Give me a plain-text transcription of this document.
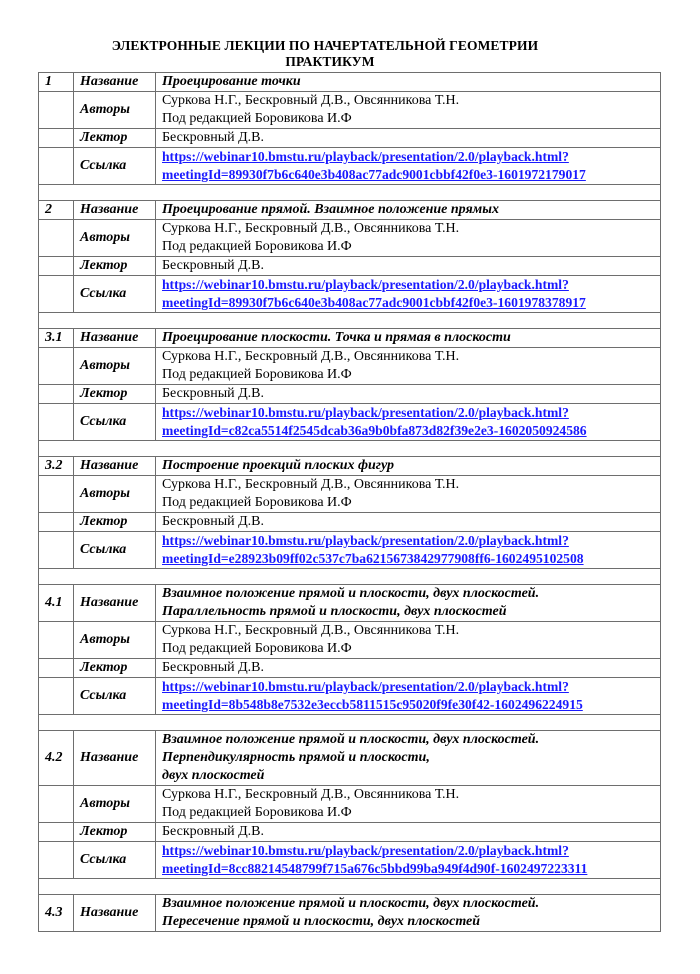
ЭЛЕКТРОННЫЕ ЛЕКЦИИ ПО НАЧЕРТАТЕЛЬНОЙ ГЕОМЕТРИИ
ПРАКТИКУМ
1	Название	Проецирование точки

	Авторы	Суркова Н.Г., Бескровный Д.В., Овсянникова Т.Н.
Под редакцией Боровикова И.Ф

	Лектор	Бескровный Д.В.
	Ссылка	https://webinar10.bmstu.ru/playback/presentation/2.0/playback.html?
meetingId=89930f7b6c640e3b408ac77adc9001cbbf42f0e3-1601972179017

2	Название	Проецирование прямой. Взаимное положение прямых

	Авторы	Суркова Н.Г., Бескровный Д.В., Овсянникова Т.Н.
Под редакцией Боровикова И.Ф

	Лектор	Бескровный Д.В.
	Ссылка	https://webinar10.bmstu.ru/playback/presentation/2.0/playback.html?
meetingId=89930f7b6c640e3b408ac77adc9001cbbf42f0e3-1601978378917

3.1	Название	Проецирование плоскости. Точка и прямая в плоскости

	Авторы	Суркова Н.Г., Бескровный Д.В., Овсянникова Т.Н.
Под редакцией Боровикова И.Ф

	Лектор	Бескровный Д.В.
	Ссылка	https://webinar10.bmstu.ru/playback/presentation/2.0/playback.html?
meetingId=c82ca5514f2545dcab36a9b0bfa873d82f39e2e3-1602050924586

3.2	Название	Построение проекций плоских фигур

	Авторы	Суркова Н.Г., Бескровный Д.В., Овсянникова Т.Н.
Под редакцией Боровикова И.Ф

	Лектор	Бескровный Д.В.
	Ссылка	https://webinar10.bmstu.ru/playback/presentation/2.0/playback.html?
meetingId=e28923b09ff02c537c7ba6215673842977908ff6-1602495102508

4.1	Название	Взаимное положение прямой и плоскости, двух плоскостей.
Параллельность прямой и плоскости, двух плоскостей

	Авторы	Суркова Н.Г., Бескровный Д.В., Овсянникова Т.Н.
Под редакцией Боровикова И.Ф

	Лектор	Бескровный Д.В.
	Ссылка	https://webinar10.bmstu.ru/playback/presentation/2.0/playback.html?
meetingId=8b548b8e7532e3eccb5811515c95020f9fe30f42-1602496224915

4.2	Название	Взаимное положение прямой и плоскости, двух плоскостей.
Перпендикулярность прямой и плоскости,
двух плоскостей

	Авторы	Суркова Н.Г., Бескровный Д.В., Овсянникова Т.Н.
Под редакцией Боровикова И.Ф

	Лектор	Бескровный Д.В.
	Ссылка	https://webinar10.bmstu.ru/playback/presentation/2.0/playback.html?
meetingId=8cc88214548799f715a676c5bbd99ba949f4d90f-1602497223311

4.3	Название	Взаимное положение прямой и плоскости, двух плоскостей.
Пересечение прямой и плоскости, двух плоскостей
